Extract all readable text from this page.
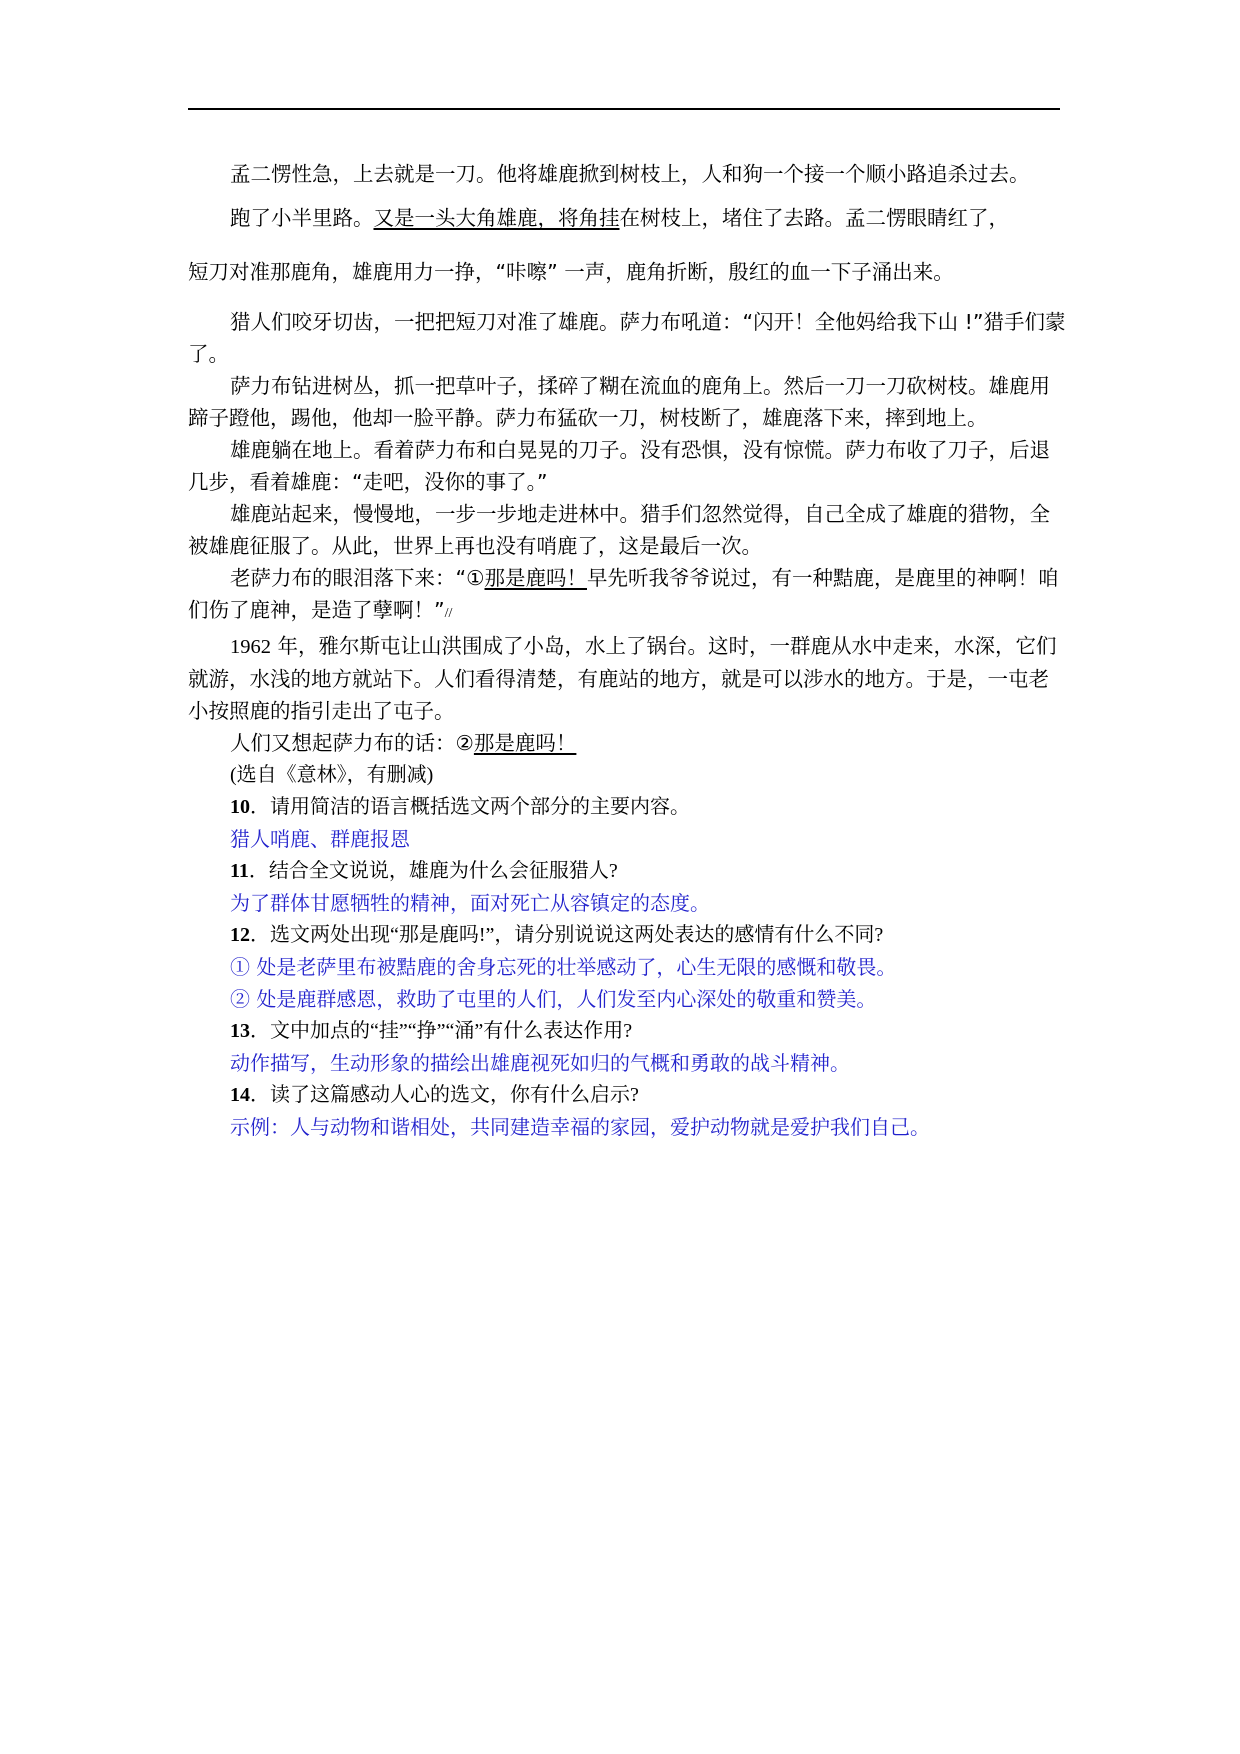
孟二愣性急，上去就是一刀。他将雄鹿掀到树枝上，人和狗一个接一个顺小路追杀过去。

跑了小半里路。又是一头大角雄鹿，将角挂在树枝上，堵住了去路。孟二愣眼睛红了，

短刀对准那鹿角，雄鹿用力一挣，“咔嚓” 一声，鹿角折断，殷红的血一下子涌出来。

猎人们咬牙切齿，一把把短刀对准了雄鹿。萨力布吼道：“闪开！全他妈给我下山 !”猎手们蒙了。

萨力布钻进树丛，抓一把草叶子，揉碎了糊在流血的鹿角上。然后一刀一刀砍树枝。雄鹿用蹄子蹬他，踢他，他却一脸平静。萨力布猛砍一刀，树枝断了，雄鹿落下来，摔到地上。

雄鹿躺在地上。看着萨力布和白晃晃的刀子。没有恐惧，没有惊慌。萨力布收了刀子，后退几步，看着雄鹿：“走吧，没你的事了。”

雄鹿站起来，慢慢地，一步一步地走进林中。猎手们忽然觉得，自己全成了雄鹿的猎物，全被雄鹿征服了。从此，世界上再也没有哨鹿了，这是最后一次。

老萨力布的眼泪落下来：“①那是鹿吗！早先听我爷爷说过，有一种黠鹿，是鹿里的神啊！咱们伤了鹿神，是造了孽啊！”//

1962 年，雅尔斯屯让山洪围成了小岛，水上了锅台。这时，一群鹿从水中走来，水深，它们就游，水浅的地方就站下。人们看得清楚，有鹿站的地方，就是可以涉水的地方。于是，一屯老小按照鹿的指引走出了屯子。

人们又想起萨力布的话：②那是鹿吗！

(选自《意林》，有删减)

10．请用简洁的语言概括选文两个部分的主要内容。

猎人哨鹿、群鹿报恩

11．结合全文说说，雄鹿为什么会征服猎人?

为了群体甘愿牺牲的精神，面对死亡从容镇定的态度。

12．选文两处出现“那是鹿吗!”，请分别说说这两处表达的感情有什么不同?

① 处是老萨里布被黠鹿的舍身忘死的壮举感动了，心生无限的感慨和敬畏。

② 处是鹿群感恩，救助了屯里的人们，人们发至内心深处的敬重和赞美。

13．文中加点的“挂”“挣”“涌”有什么表达作用?

动作描写，生动形象的描绘出雄鹿视死如归的气概和勇敢的战斗精神。

14．读了这篇感动人心的选文，你有什么启示?

示例：人与动物和谐相处，共同建造幸福的家园，爱护动物就是爱护我们自己。
